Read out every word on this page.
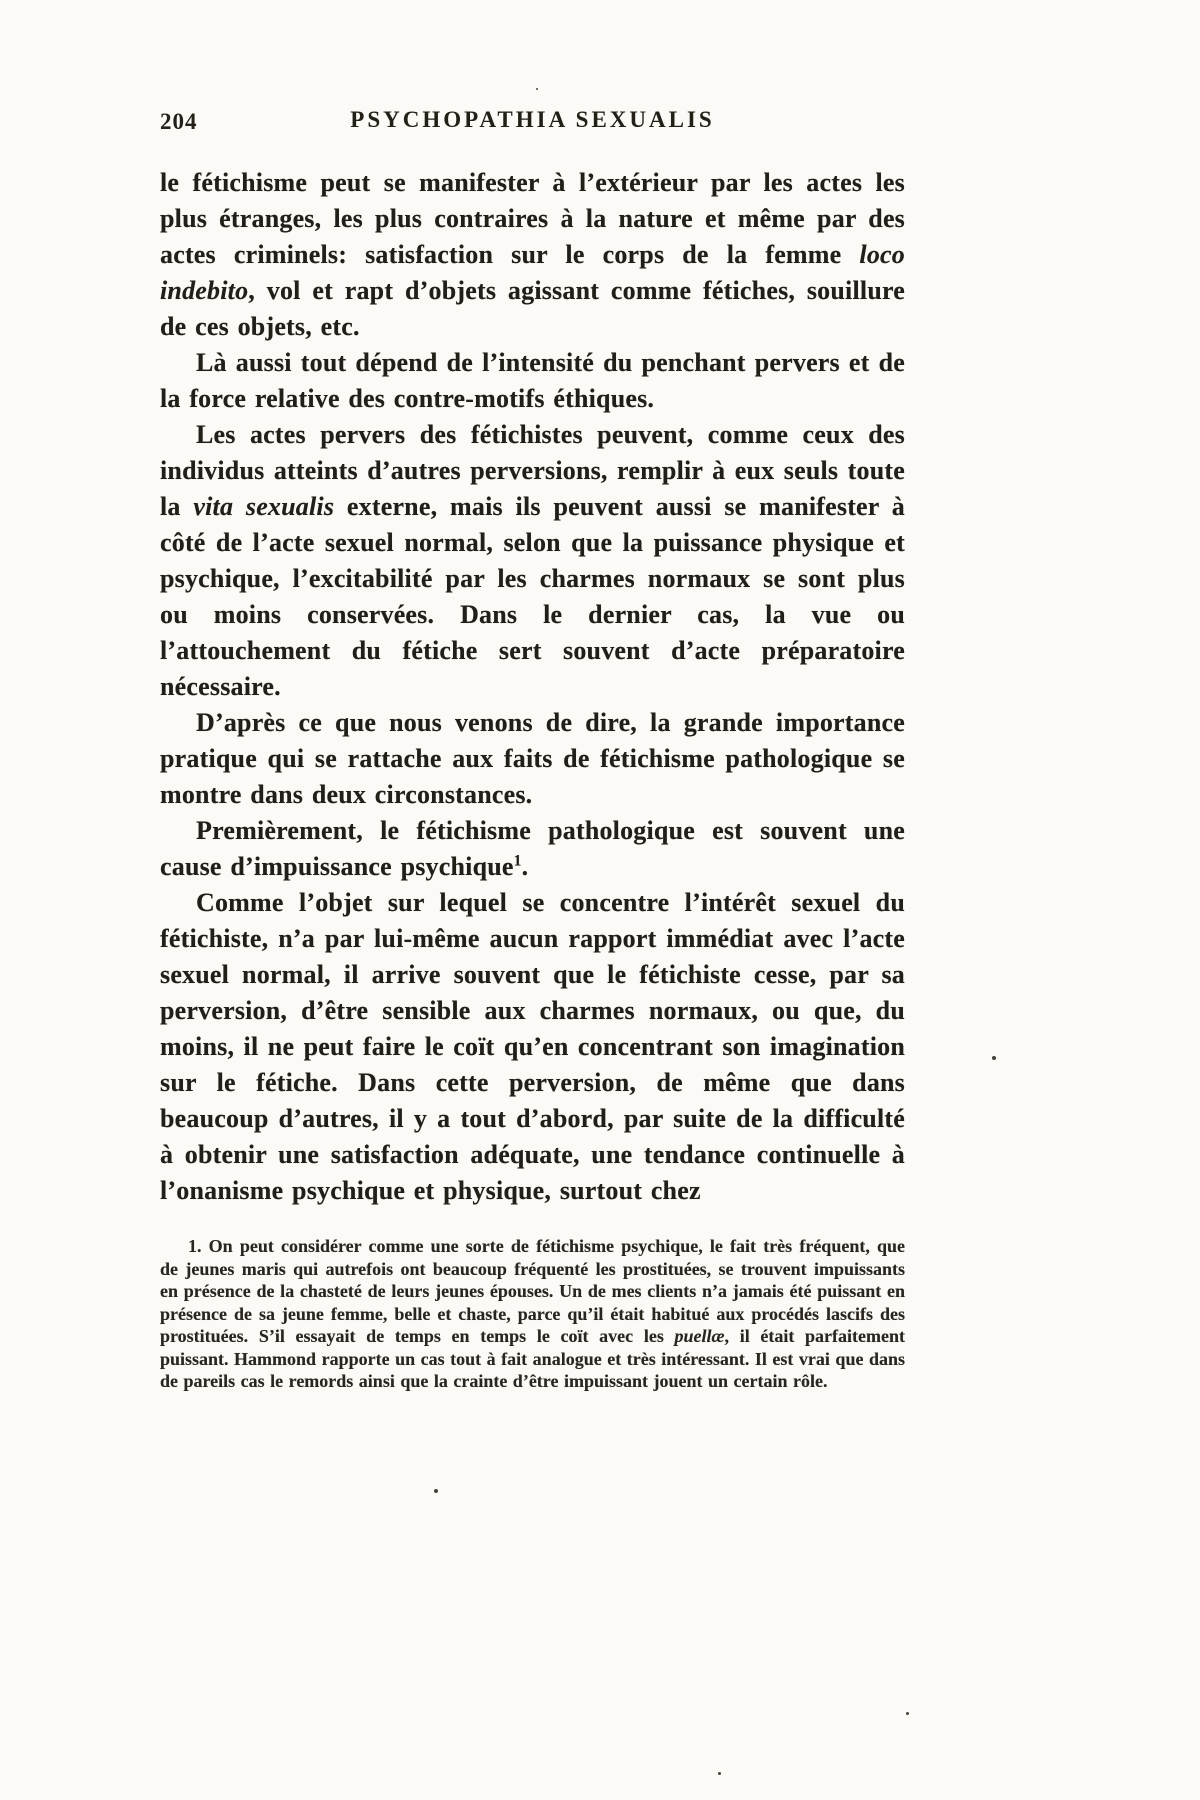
204	PSYCHOPATHIA SEXUALIS

le fétichisme peut se manifester à l’extérieur par les actes les plus étranges, les plus contraires à la nature et même par des actes criminels: satisfaction sur le corps de la femme loco indebito, vol et rapt d’objets agissant comme fétiches, souillure de ces objets, etc.

Là aussi tout dépend de l’intensité du penchant pervers et de la force relative des contre-motifs éthiques.

Les actes pervers des fétichistes peuvent, comme ceux des individus atteints d’autres perversions, remplir à eux seuls toute la vita sexualis externe, mais ils peuvent aussi se manifester à côté de l’acte sexuel normal, selon que la puissance physique et psychique, l’excitabilité par les charmes normaux se sont plus ou moins conservées. Dans le dernier cas, la vue ou l’attouchement du fétiche sert souvent d’acte préparatoire nécessaire.

D’après ce que nous venons de dire, la grande importance pratique qui se rattache aux faits de fétichisme pathologique se montre dans deux circonstances.

Premièrement, le fétichisme pathologique est souvent une cause d’impuissance psychique$^1$.

Comme l’objet sur lequel se concentre l’intérêt sexuel du fétichiste, n’a par lui-même aucun rapport immédiat avec l’acte sexuel normal, il arrive souvent que le fétichiste cesse, par sa perversion, d’être sensible aux charmes normaux, ou que, du moins, il ne peut faire le coït qu’en concentrant son imagination sur le fétiche. Dans cette perversion, de même que dans beaucoup d’autres, il y a tout d’abord, par suite de la difficulté à obtenir une satisfaction adéquate, une tendance continuelle à l’onanisme psychique et physique, surtout chez

1. On peut considérer comme une sorte de fétichisme psychique, le fait très fréquent, que de jeunes maris qui autrefois ont beaucoup fréquenté les prostituées, se trouvent impuissants en présence de la chasteté de leurs jeunes épouses. Un de mes clients n’a jamais été puissant en présence de sa jeune femme, belle et chaste, parce qu’il était habitué aux procédés lascifs des prostituées. S’il essayait de temps en temps le coït avec les puellæ, il était parfaitement puissant. Hammond rapporte un cas tout à fait analogue et très intéressant. Il est vrai que dans de pareils cas le remords ainsi que la crainte d’être impuissant jouent un certain rôle.
